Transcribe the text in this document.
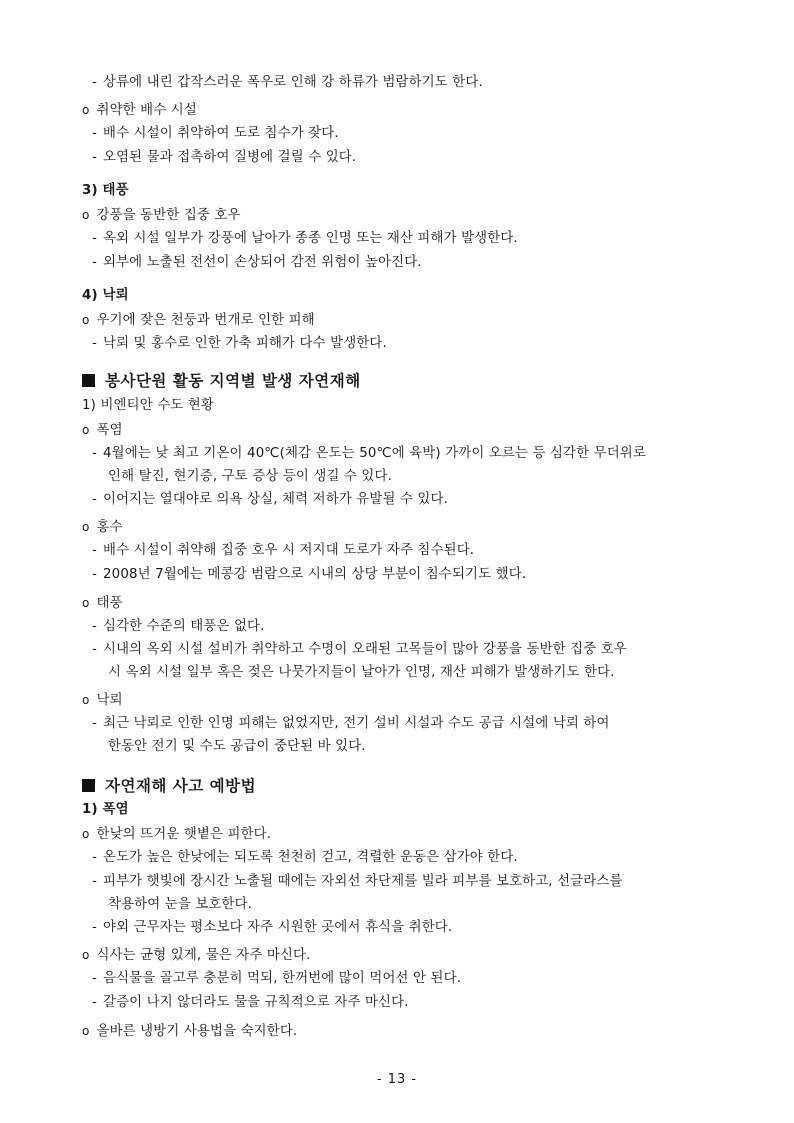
- 상류에 내린 갑작스러운 폭우로 인해 강 하류가 범람하기도 한다.
o 취약한 배수 시설
- 배수 시설이 취약하여 도로 침수가 잦다.
- 오염된 물과 접촉하여 질병에 걸릴 수 있다.
3) 태풍
o 강풍을 동반한 집중 호우
- 옥외 시설 일부가 강풍에 날아가 종종 인명 또는 재산 피해가 발생한다.
- 외부에 노출된 전선이 손상되어 감전 위험이 높아진다.
4) 낙뢰
o 우기에 잦은 천둥과 번개로 인한 피해
- 낙뢰 및 홍수로 인한 가축 피해가 다수 발생한다.
봉사단원 활동 지역별 발생 자연재해
1) 비엔티안 수도 현황
o 폭염
- 4월에는 낮 최고 기온이 40℃(체감 온도는 50℃에 육박) 가까이 오르는 등 심각한 무더위로
인해 탈진, 현기증, 구토 증상 등이 생길 수 있다.
- 이어지는 열대야로 의욕 상실, 체력 저하가 유발될 수 있다.
o 홍수
- 배수 시설이 취약해 집중 호우 시 저지대 도로가 자주 침수된다.
- 2008년 7월에는 메콩강 범람으로 시내의 상당 부분이 침수되기도 했다.
o 태풍
- 심각한 수준의 태풍은 없다.
- 시내의 옥외 시설 설비가 취약하고 수명이 오래된 고목들이 많아 강풍을 동반한 집중 호우
시 옥외 시설 일부 혹은 젖은 나뭇가지들이 날아가 인명, 재산 피해가 발생하기도 한다.
o 낙뢰
- 최근 낙뢰로 인한 인명 피해는 없었지만, 전기 설비 시설과 수도 공급 시설에 낙뢰 하여
한동안 전기 및 수도 공급이 중단된 바 있다.
자연재해 사고 예방법
1) 폭염
o 한낮의 뜨거운 햇볕은 피한다.
- 온도가 높은 한낮에는 되도록 천천히 걷고, 격렬한 운동은 삼가야 한다.
- 피부가 햇빛에 장시간 노출될 때에는 자외선 차단제를 빌라 피부를 보호하고, 선글라스를
착용하여 눈을 보호한다.
- 야외 근무자는 평소보다 자주 시원한 곳에서 휴식을 취한다.
o 식사는 균형 있게, 물은 자주 마신다.
- 음식물을 골고루 충분히 먹되, 한꺼번에 많이 먹어선 안 된다.
- 갈증이 나지 않더라도 물을 규칙적으로 자주 마신다.
o 올바른 냉방기 사용법을 숙지한다.
- 13 -
